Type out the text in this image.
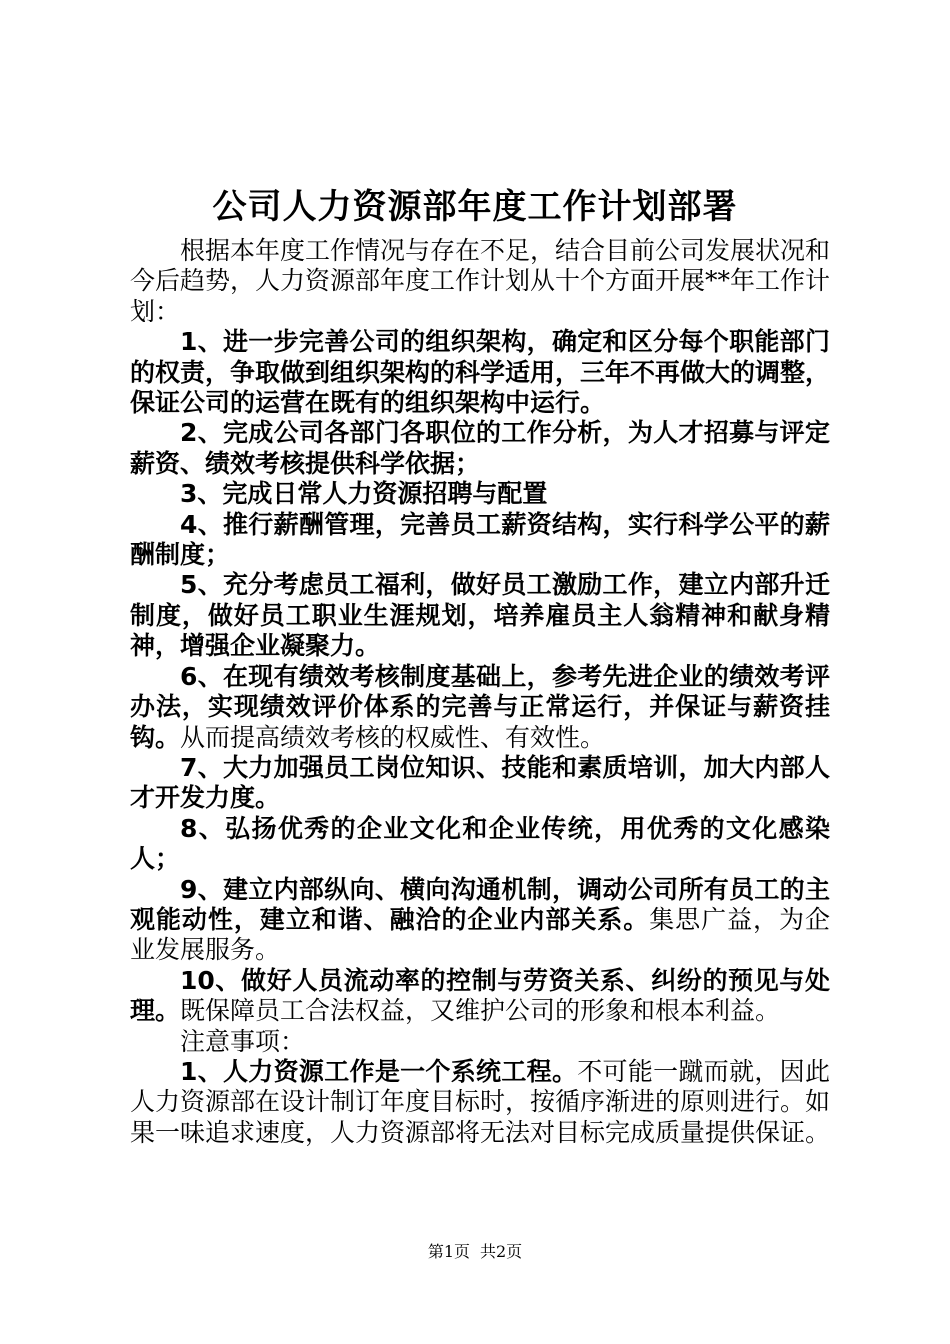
公司人力资源部年度工作计划部署

根据本年度工作情况与存在不足，结合目前公司发展状况和今后趋势，人力资源部年度工作计划从十个方面开展**年工作计划：

1、进一步完善公司的组织架构，确定和区分每个职能部门的权责，争取做到组织架构的科学适用，三年不再做大的调整，保证公司的运营在既有的组织架构中运行。

2、完成公司各部门各职位的工作分析，为人才招募与评定薪资、绩效考核提供科学依据；

3、完成日常人力资源招聘与配置

4、推行薪酬管理，完善员工薪资结构，实行科学公平的薪酬制度；

5、充分考虑员工福利，做好员工激励工作，建立内部升迁制度，做好员工职业生涯规划，培养雇员主人翁精神和献身精神，增强企业凝聚力。

6、在现有绩效考核制度基础上，参考先进企业的绩效考评办法，实现绩效评价体系的完善与正常运行，并保证与薪资挂钩。从而提高绩效考核的权威性、有效性。

7、大力加强员工岗位知识、技能和素质培训，加大内部人才开发力度。

8、弘扬优秀的企业文化和企业传统，用优秀的文化感染人；

9、建立内部纵向、横向沟通机制，调动公司所有员工的主观能动性，建立和谐、融洽的企业内部关系。集思广益，为企业发展服务。

10、做好人员流动率的控制与劳资关系、纠纷的预见与处理。既保障员工合法权益，又维护公司的形象和根本利益。

注意事项：

1、人力资源工作是一个系统工程。不可能一蹴而就，因此人力资源部在设计制订年度目标时，按循序渐进的原则进行。如果一味追求速度，人力资源部将无法对目标完成质量提供保证。

第1页 共2页
